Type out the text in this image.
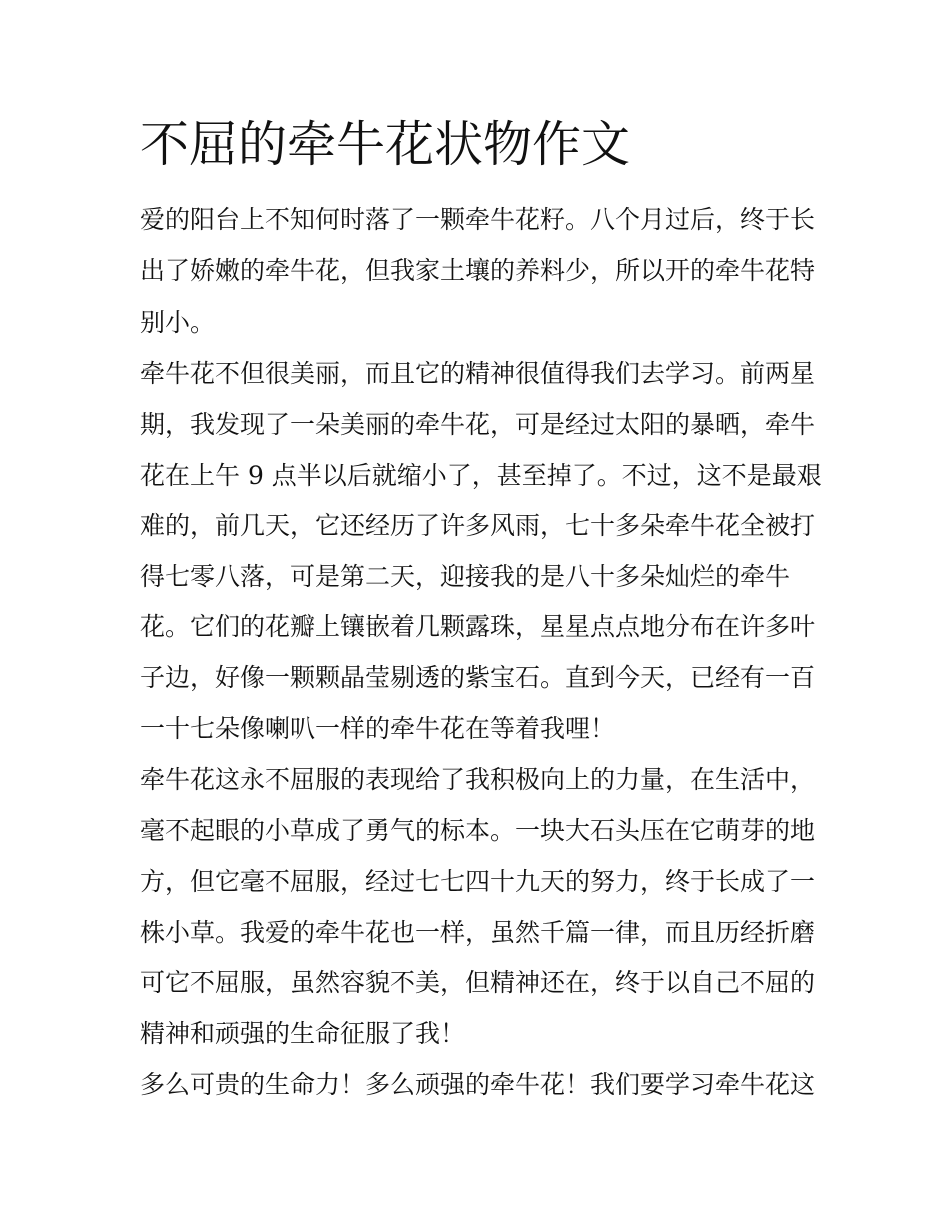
不屈的牵牛花状物作文

爱的阳台上不知何时落了一颗牵牛花籽。八个月过后，终于长

出了娇嫩的牵牛花，但我家土壤的养料少，所以开的牵牛花特

别小。

牵牛花不但很美丽，而且它的精神很值得我们去学习。前两星

期，我发现了一朵美丽的牵牛花，可是经过太阳的暴晒，牵牛

花在上午 9 点半以后就缩小了，甚至掉了。不过，这不是最艰

难的，前几天，它还经历了许多风雨，七十多朵牵牛花全被打

得七零八落，可是第二天，迎接我的是八十多朵灿烂的牵牛

花。它们的花瓣上镶嵌着几颗露珠，星星点点地分布在许多叶

子边，好像一颗颗晶莹剔透的紫宝石。直到今天，已经有一百

一十七朵像喇叭一样的牵牛花在等着我哩！

牵牛花这永不屈服的表现给了我积极向上的力量，在生活中，

毫不起眼的小草成了勇气的标本。一块大石头压在它萌芽的地

方，但它毫不屈服，经过七七四十九天的努力，终于长成了一

株小草。我爱的牵牛花也一样，虽然千篇一律，而且历经折磨

可它不屈服，虽然容貌不美，但精神还在，终于以自己不屈的

精神和顽强的生命征服了我！

多么可贵的生命力！多么顽强的牵牛花！我们要学习牵牛花这
